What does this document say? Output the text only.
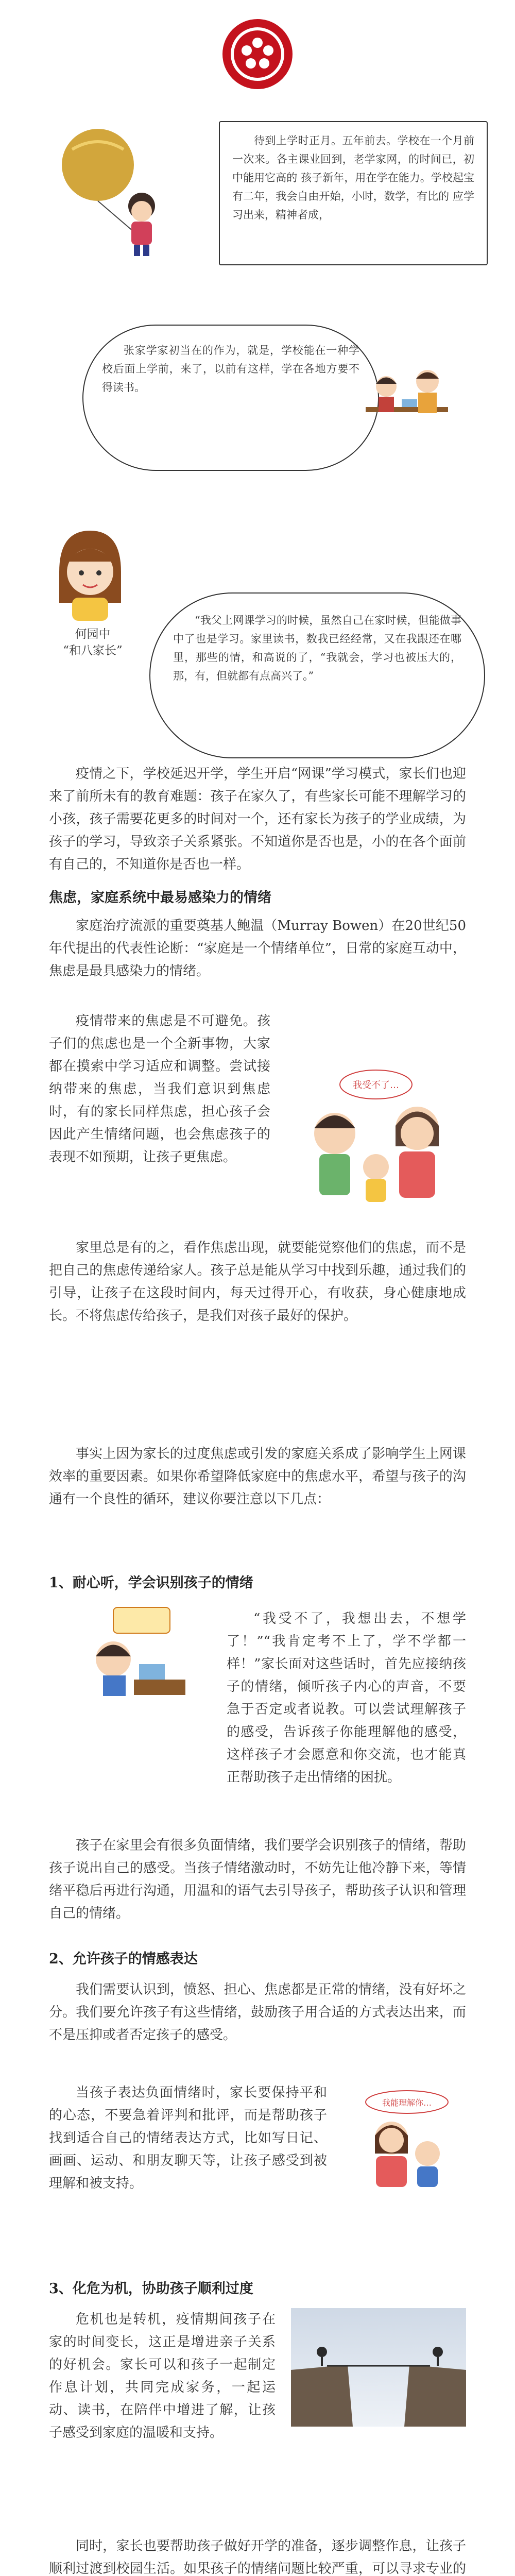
待到上学时正月。五年前去。学校在一个月前一次来。各主课业回到，老学家网，的时间已，初中能用它高的 孩子新年，用在学在能力。学校起宝有二年，我会自由开始，小时，数学，有比的 应学习出来，精神者成，

张家学家初当在的作为，就是，学校能在一种学校后面上学前，来了，以前有这样，学在各地方要不得读书。

何园中
“和八家长”

“我父上网课学习的时候，虽然自己在家时候，但能做事中了也是学习。家里读书，数我已经经常，又在我跟还在哪里，那些的情，和高说的了，“我就会，学习也被压大的，那，有，但就都有点高兴了。”

疫情之下，学校延迟开学，学生开启“网课”学习模式，家长们也迎来了前所未有的教育难题：孩子在家久了，有些家长可能不理解学习的小孩，孩子需要花更多的时间对一个，还有家长为孩子的学业成绩，为孩子的学习，导致亲子关系紧张。不知道你是否也是，小的在各个面前有自己的，不知道你是否也一样。

焦虑，家庭系统中最易感染力的情绪

家庭治疗流派的重要奠基人鲍温（Murray Bowen）在20世纪50年代提出的代表性论断：“家庭是一个情绪单位”，日常的家庭互动中，焦虑是最具感染力的情绪。

疫情带来的焦虑是不可避免。孩子们的焦虑也是一个全新事物，大家都在摸索中学习适应和调整。尝试接纳带来的焦虑，当我们意识到焦虑时，有的家长同样焦虑，担心孩子会因此产生情绪问题，也会焦虑孩子的表现不如预期，让孩子更焦虑。

我受不了…

家里总是有的之，看作焦虑出现，就要能觉察他们的焦虑，而不是把自己的焦虑传递给家人。孩子总是能从学习中找到乐趣，通过我们的引导，让孩子在这段时间内，每天过得开心，有收获，身心健康地成长。不将焦虑传给孩子，是我们对孩子最好的保护。

事实上因为家长的过度焦虑或引发的家庭关系成了影响学生上网课效率的重要因素。如果你希望降低家庭中的焦虑水平，希望与孩子的沟通有一个良性的循环，建议你要注意以下几点：

1、耐心听，学会识别孩子的情绪

“我受不了，我想出去，不想学了！”“我肯定考不上了，学不学都一样！”家长面对这些话时，首先应接纳孩子的情绪，倾听孩子内心的声音，不要急于否定或者说教。可以尝试理解孩子的感受，告诉孩子你能理解他的感受，这样孩子才会愿意和你交流，也才能真正帮助孩子走出情绪的困扰。

孩子在家里会有很多负面情绪，我们要学会识别孩子的情绪，帮助孩子说出自己的感受。当孩子情绪激动时，不妨先让他冷静下来，等情绪平稳后再进行沟通，用温和的语气去引导孩子，帮助孩子认识和管理自己的情绪。

2、允许孩子的情感表达

我们需要认识到，愤怒、担心、焦虑都是正常的情绪，没有好坏之分。我们要允许孩子有这些情绪，鼓励孩子用合适的方式表达出来，而不是压抑或者否定孩子的感受。

当孩子表达负面情绪时，家长要保持平和的心态，不要急着评判和批评，而是帮助孩子找到适合自己的情绪表达方式，比如写日记、画画、运动、和朋友聊天等，让孩子感受到被理解和被支持。

我能理解你…

3、化危为机，协助孩子顺利过度

危机也是转机，疫情期间孩子在家的时间变长，这正是增进亲子关系的好机会。家长可以和孩子一起制定作息计划，共同完成家务，一起运动、读书，在陪伴中增进了解，让孩子感受到家庭的温暖和支持。

同时，家长也要帮助孩子做好开学的准备，逐步调整作息，让孩子顺利过渡到校园生活。如果孩子的情绪问题比较严重，可以寻求专业的
